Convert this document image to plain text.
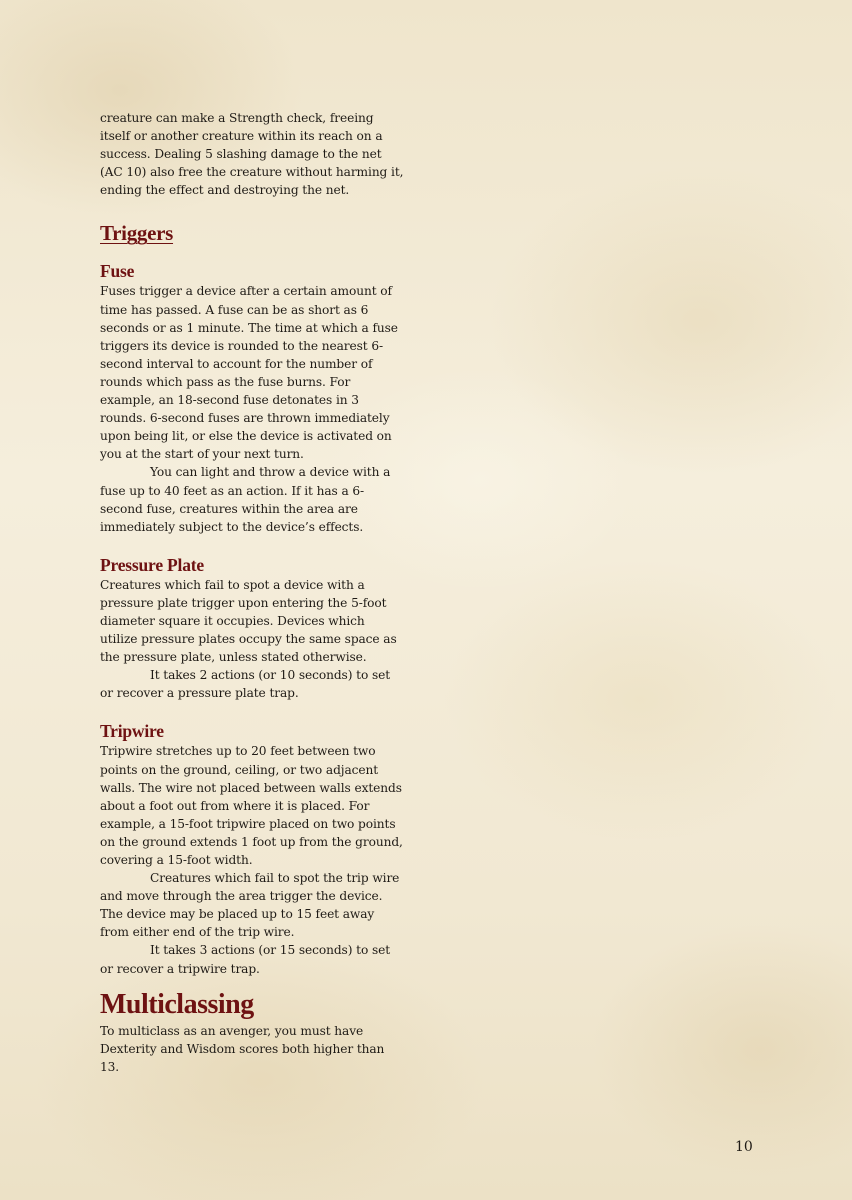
creature can make a Strength check, freeing itself or another creature within its reach on a success. Dealing 5 slashing damage to the net (AC 10) also free the creature without harming it, ending the effect and destroying the net.

Triggers
Fuse

Fuses trigger a device after a certain amount of time has passed. A fuse can be as short as 6 seconds or as 1 minute. The time at which a fuse triggers its device is rounded to the nearest 6-second interval to account for the number of rounds which pass as the fuse burns. For example, an 18-second fuse detonates in 3 rounds. 6-second fuses are thrown immediately upon being lit, or else the device is activated on you at the start of your next turn.

You can light and throw a device with a fuse up to 40 feet as an action. If it has a 6-second fuse, creatures within the area are immediately subject to the device’s effects.

Pressure Plate

Creatures which fail to spot a device with a pressure plate trigger upon entering the 5-foot diameter square it occupies. Devices which utilize pressure plates occupy the same space as the pressure plate, unless stated otherwise.

It takes 2 actions (or 10 seconds) to set or recover a pressure plate trap.

Tripwire

Tripwire stretches up to 20 feet between two points on the ground, ceiling, or two adjacent walls. The wire not placed between walls extends about a foot out from where it is placed. For example, a 15-foot tripwire placed on two points on the ground extends 1 foot up from the ground, covering a 15-foot width.

Creatures which fail to spot the trip wire and move through the area trigger the device. The device may be placed up to 15 feet away from either end of the trip wire.

It takes 3 actions (or 15 seconds) to set or recover a tripwire trap.

Multiclassing

To multiclass as an avenger, you must have Dexterity and Wisdom scores both higher than 13.

10
